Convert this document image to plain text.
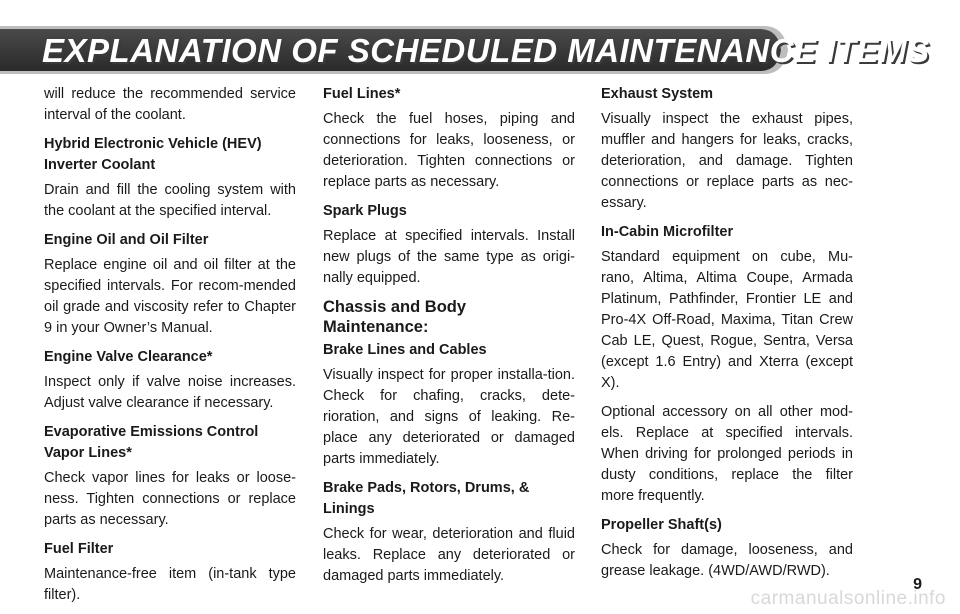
EXPLANATION OF SCHEDULED MAINTENANCE ITEMS
will reduce the recommended service interval of the coolant.
Hybrid Electronic Vehicle (HEV) Inverter Coolant
Drain and fill the cooling system with the coolant at the specified interval.
Engine Oil and Oil Filter
Replace engine oil and oil filter at the specified intervals. For recom-mended oil grade and viscosity refer to Chapter 9 in your Owner’s Manual.
Engine Valve Clearance*
Inspect only if valve noise increases. Adjust valve clearance if necessary.
Evaporative Emissions Control Vapor Lines*
Check vapor lines for leaks or loose-ness. Tighten connections or replace parts as necessary.
Fuel Filter
Maintenance-free item (in-tank type filter).
Fuel Lines*
Check the fuel hoses, piping and connections for leaks, looseness, or deterioration. Tighten connections or replace parts as necessary.
Spark Plugs
Replace at specified intervals. Install new plugs of the same type as origi-nally equipped.
Chassis and Body Maintenance:
Brake Lines and Cables
Visually inspect for proper installa-tion. Check for chafing, cracks, dete-rioration, and signs of leaking. Re-place any deteriorated or damaged parts immediately.
Brake Pads, Rotors, Drums, & Linings
Check for wear, deterioration and fluid leaks. Replace any deteriorated or damaged parts immediately.
Exhaust System
Visually inspect the exhaust pipes, muffler and hangers for leaks, cracks, deterioration, and damage. Tighten connections or replace parts as nec-essary.
In-Cabin Microfilter
Standard equipment on cube, Mu-rano, Altima, Altima Coupe, Armada Platinum, Pathfinder, Frontier LE and Pro-4X Off-Road, Maxima, Titan Crew Cab LE, Quest, Rogue, Sentra, Versa (except 1.6 Entry) and Xterra (except X).
Optional accessory on all other mod-els. Replace at specified intervals. When driving for prolonged periods in dusty conditions, replace the filter more frequently.
Propeller Shaft(s)
Check for damage, looseness, and grease leakage. (4WD/AWD/RWD).
9
carmanualsonline.info
